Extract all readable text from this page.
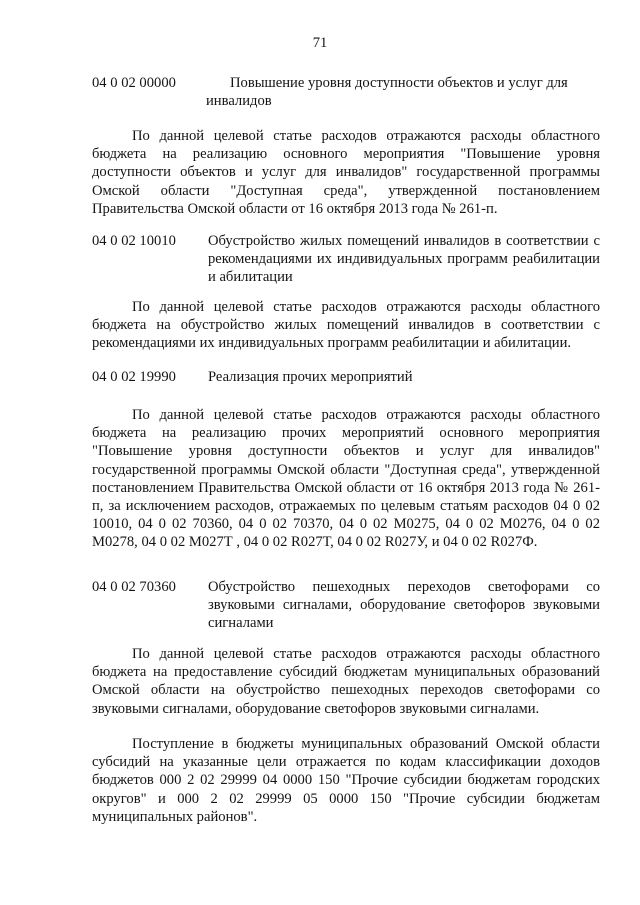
71
04 0 02 00000	Повышение уровня доступности объектов и услуг для
инвалидов

По данной целевой статье расходов отражаются расходы областного бюджета на реализацию основного мероприятия "Повышение уровня доступности объектов и услуг для инвалидов" государственной программы Омской области "Доступная среда", утвержденной постановлением Правительства Омской области от 16 октября 2013 года № 261-п.

04 0 02 10010 Обустройство жилых помещений инвалидов в соответствии с рекомендациями их индивидуальных программ реабилитации и абилитации

По данной целевой статье расходов отражаются расходы областного бюджета на обустройство жилых помещений инвалидов в соответствии с рекомендациями их индивидуальных программ реабилитации и абилитации.

04 0 02 19990 Реализация прочих мероприятий

По данной целевой статье расходов отражаются расходы областного бюджета на реализацию прочих мероприятий основного мероприятия "Повышение уровня доступности объектов и услуг для инвалидов" государственной программы Омской области "Доступная среда", утвержденной постановлением Правительства Омской области от 16 октября 2013 года № 261-п, за исключением расходов, отражаемых по целевым статьям расходов 04 0 02 10010, 04 0 02 70360, 04 0 02 70370, 04 0 02 М0275, 04 0 02 М0276, 04 0 02 М0278, 04 0 02 М027Т , 04 0 02 R027Т, 04 0 02 R027У, и 04 0 02 R027Ф.

04 0 02 70360 Обустройство пешеходных переходов светофорами со звуковыми сигналами, оборудование светофоров звуковыми сигналами

По данной целевой статье расходов отражаются расходы областного бюджета на предоставление субсидий бюджетам муниципальных образований Омской области на обустройство пешеходных переходов светофорами со звуковыми сигналами, оборудование светофоров звуковыми сигналами.

Поступление в бюджеты муниципальных образований Омской области субсидий на указанные цели отражается по кодам классификации доходов бюджетов 000 2 02 29999 04 0000 150 "Прочие субсидии бюджетам городских округов" и 000 2 02 29999 05 0000 150 "Прочие субсидии бюджетам муниципальных районов".
